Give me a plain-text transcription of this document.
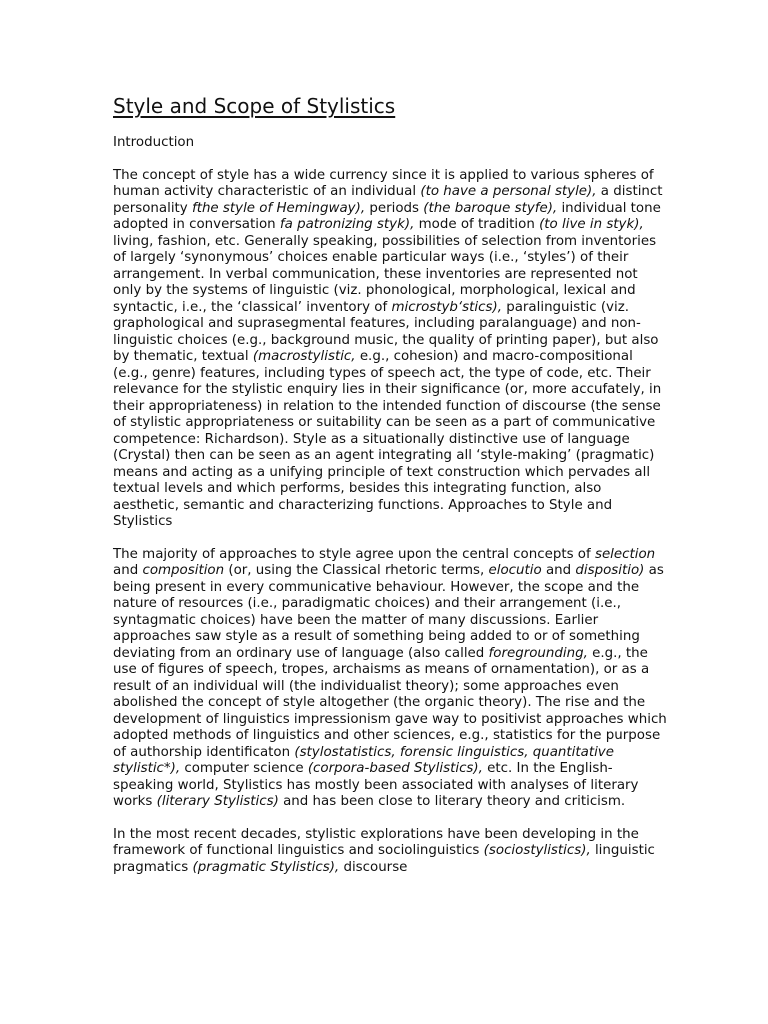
Style and Scope of Stylistics
Introduction

The concept of style has a wide currency since it is applied to various spheres of human activity characteristic of an individual (to have a personal style), a distinct personality fthe style of Hemingway), periods (the baroque styfe), individual tone adopted in conversation fa patronizing styk), mode of tradition (to live in styk), living, fashion, etc. Generally speaking, possibilities of selection from inventories of largely ‘synonymous’ choices enable particular ways (i.e., ‘styles’) of their arrangement. In verbal communication, these inventories are represented not only by the systems of linguistic (viz. phonological, morphological, lexical and syntactic, i.e., the ‘classical’ inventory of microstyb‘stics), paralinguistic (viz. graphological and suprasegmental features, including paralanguage) and non-linguistic choices (e.g., background music, the quality of printing paper), but also by thematic, textual (macrostylistic, e.g., cohesion) and macro-compositional (e.g., genre) features, including types of speech act, the type of code, etc. Their relevance for the stylistic enquiry lies in their significance (or, more accufately, in their appropriateness) in relation to the intended function of discourse (the sense of stylistic appropriateness or suitability can be seen as a part of communicative competence: Richardson). Style as a situationally distinctive use of language (Crystal) then can be seen as an agent integrating all ‘style-making’ (pragmatic) means and acting as a unifying principle of text construction which pervades all textual levels and which performs, besides this integrating function, also aesthetic, semantic and characterizing functions. Approaches to Style and Stylistics

The majority of approaches to style agree upon the central concepts of selection and composition (or, using the Classical rhetoric terms, elocutio and dispositio) as being present in every communicative behaviour. However, the scope and the nature of resources (i.e., paradigmatic choices) and their arrangement (i.e., syntagmatic choices) have been the matter of many discussions. Earlier approaches saw style as a result of something being added to or of something deviating from an ordinary use of language (also called foregrounding, e.g., the use of figures of speech, tropes, archaisms as means of ornamentation), or as a result of an individual will (the individualist theory); some approaches even abolished the concept of style altogether (the organic theory). The rise and the development of linguistics impressionism gave way to positivist approaches which adopted methods of linguistics and other sciences, e.g., statistics for the purpose of authorship identificaton (stylostatistics, forensic linguistics, quantitative stylistic*), computer science (corpora-based Stylistics), etc. In the English-speaking world, Stylistics has mostly been associated with analyses of literary works (literary Stylistics) and has been close to literary theory and criticism.

In the most recent decades, stylistic explorations have been developing in the framework of functional linguistics and sociolinguistics (sociostylistics), linguistic pragmatics (pragmatic Stylistics), discourse
